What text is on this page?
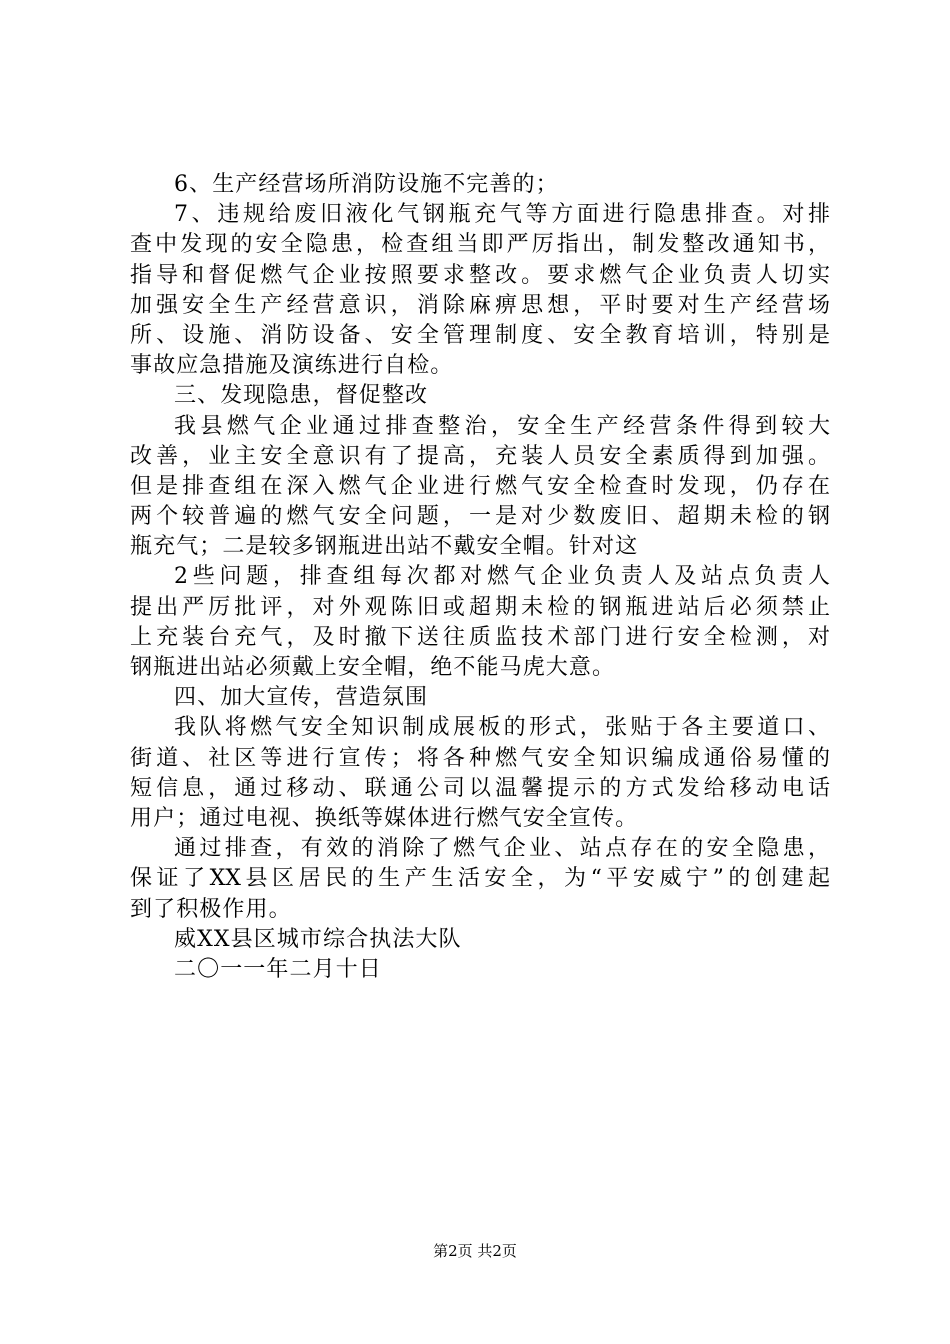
6、生产经营场所消防设施不完善的；
7、违规给废旧液化气钢瓶充气等方面进行隐患排查。对排
查中发现的安全隐患，检查组当即严厉指出，制发整改通知书，
指导和督促燃气企业按照要求整改。要求燃气企业负责人切实
加强安全生产经营意识，消除麻痹思想，平时要对生产经营场
所、设施、消防设备、安全管理制度、安全教育培训，特别是
事故应急措施及演练进行自检。
三、发现隐患，督促整改
我县燃气企业通过排查整治，安全生产经营条件得到较大
改善，业主安全意识有了提高，充装人员安全素质得到加强。
但是排查组在深入燃气企业进行燃气安全检查时发现，仍存在
两个较普遍的燃气安全问题，一是对少数废旧、超期未检的钢
瓶充气；二是较多钢瓶进出站不戴安全帽。针对这
2些问题，排查组每次都对燃气企业负责人及站点负责人
提出严厉批评，对外观陈旧或超期未检的钢瓶进站后必须禁止
上充装台充气，及时撤下送往质监技术部门进行安全检测，对
钢瓶进出站必须戴上安全帽，绝不能马虎大意。
四、加大宣传，营造氛围
我队将燃气安全知识制成展板的形式，张贴于各主要道口、
街道、社区等进行宣传；将各种燃气安全知识编成通俗易懂的
短信息，通过移动、联通公司以温馨提示的方式发给移动电话
用户；通过电视、换纸等媒体进行燃气安全宣传。
通过排查，有效的消除了燃气企业、站点存在的安全隐患，
保证了XX县区居民的生产生活安全，为“平安威宁”的创建起
到了积极作用。
威XX县区城市综合执法大队
二〇一一年二月十日
第2页 共2页
